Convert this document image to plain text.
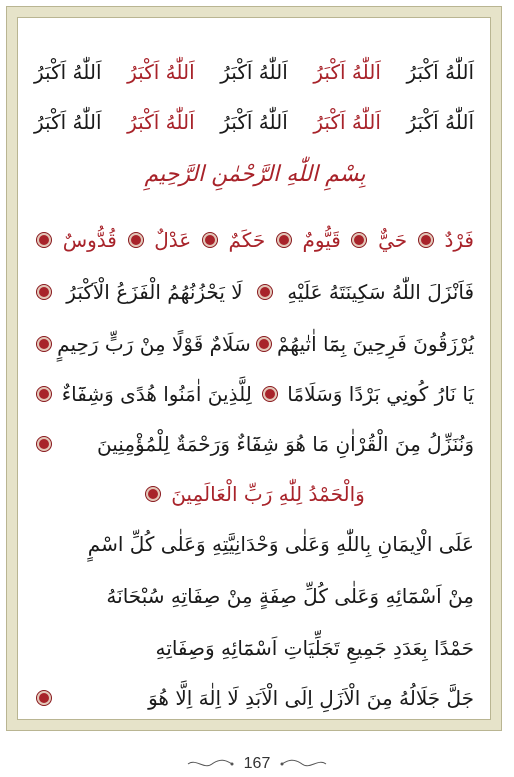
اَللّٰهُ اَكْبَرُ
اَللّٰهُ اَكْبَرُ
اَللّٰهُ اَكْبَرُ
اَللّٰهُ اَكْبَرُ
اَللّٰهُ اَكْبَرُ
اَللّٰهُ اَكْبَرُ
اَللّٰهُ اَكْبَرُ
اَللّٰهُ اَكْبَرُ
اَللّٰهُ اَكْبَرُ
اَللّٰهُ اَكْبَرُ
بِسْمِ اللّٰهِ الرَّحْمٰنِ الرَّحِيمِ
فَرْدٌ
حَيٌّ
قَيُّومٌ
حَكَمٌ
عَدْلٌ
قُدُّوسٌ
فَاَنْزَلَ اللّٰهُ سَكِينَتَهُ عَلَيْهِ
لَا يَحْزُنُهُمُ الْفَزَعُ الْاَكْبَرُ
يُرْزَقُونَ فَرِحِينَ بِمَٓا اٰتٰيهُمْ
سَلَامٌ قَوْلًا مِنْ رَبٍّ رَحِيمٍ
يَا نَارُ كُونِي بَرْدًا وَسَلَامًا
لِلَّذِينَ اٰمَنُوا هُدًى وَشِفَٓاءٌ
وَنُنَزِّلُ مِنَ الْقُرْاٰنِ مَا هُوَ شِفَٓاءٌ وَرَحْمَةٌ لِلْمُؤْمِنِينَ
وَالْحَمْدُ لِلّٰهِ رَبِّ الْعَالَمِينَ
عَلَى الْاِيمَانِ بِاللّٰهِ وَعَلٰى وَحْدَانِيَّتِهِ وَعَلٰى كُلِّ اسْمٍ
مِنْ اَسْمَٓائِهِ وَعَلٰى كُلِّ صِفَةٍ مِنْ صِفَاتِهِ سُبْحَانَهُ
حَمْدًا بِعَدَدِ جَمِيعِ تَجَلِّيَاتِ اَسْمَٓائِهِ وَصِفَاتِهِ
جَلَّ جَلَالُهُ مِنَ الْاَزَلِ اِلَى الْاَبَدِ لَا اِلٰهَ اِلَّا هُوَ
167
